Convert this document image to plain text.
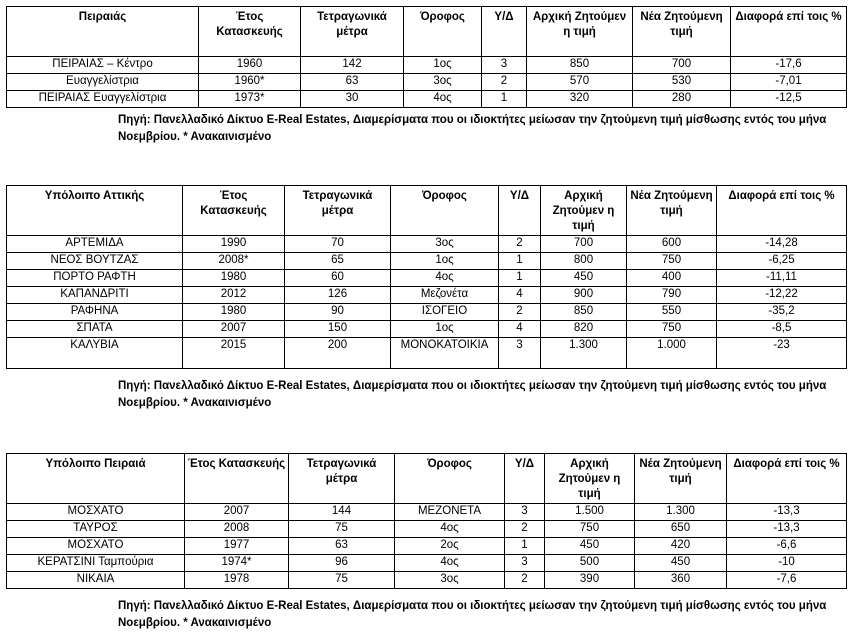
Πειραιάς	Έτος Κατασκευής	Τετραγωνικά μέτρα	Όροφος	Υ/Δ	Αρχική Ζητούμεν η τιμή	Νέα Ζητούμενη τιμή	Διαφορά επί τοις %
ΠΕΙΡΑΙΑΣ – Κέντρο	1960	142	1ος	3	850	700	-17,6
Ευαγγελίστρια	1960*	63	3ος	2	570	530	-7,01
ΠΕΙΡΑΙΑΣ Ευαγγελίστρια	1973*	30	4ος	1	320	280	-12,5
Πηγή: Πανελλαδικό Δίκτυο E-Real Estates, Διαμερίσματα που οι ιδιοκτήτες μείωσαν την ζητούμενη τιμή μίσθωσης εντός του μήνα Νοεμβρίου. * Ανακαινισμένο
Υπόλοιπο Αττικής	Έτος Κατασκευής	Τετραγωνικά μέτρα	Όροφος	Υ/Δ	Αρχική Ζητούμεν η τιμή	Νέα Ζητούμενη τιμή	Διαφορά επί τοις %
ΑΡΤΕΜΙΔΑ	1990	70	3ος	2	700	600	-14,28
ΝΕΟΣ ΒΟΥΤΖΑΣ	2008*	65	1ος	1	800	750	-6,25
ΠΟΡΤΟ ΡΑΦΤΗ	1980	60	4ος	1	450	400	-11,11
ΚΑΠΑΝΔΡΙΤΙ	2012	126	Μεζονέτα	4	900	790	-12,22
ΡΑΦΗΝΑ	1980	90	ΙΣΟΓΕΙΟ	2	850	550	-35,2
ΣΠΑΤΑ	2007	150	1ος	4	820	750	-8,5
ΚΑΛΥΒΙΑ	2015	200	ΜΟΝΟΚΑΤΟΙΚΙΑ	3	1.300	1.000	-23
Πηγή: Πανελλαδικό Δίκτυο E-Real Estates, Διαμερίσματα που οι ιδιοκτήτες μείωσαν την ζητούμενη τιμή μίσθωσης εντός του μήνα Νοεμβρίου. * Ανακαινισμένο
Υπόλοιπο Πειραιά	Έτος Κατασκευής	Τετραγωνικά μέτρα	Όροφος	Υ/Δ	Αρχική Ζητούμεν η τιμή	Νέα Ζητούμενη τιμή	Διαφορά επί τοις %
ΜΟΣΧΑΤΟ	2007	144	ΜΕΖΟΝΕΤΑ	3	1.500	1.300	-13,3
ΤΑΥΡΟΣ	2008	75	4ος	2	750	650	-13,3
ΜΟΣΧΑΤΟ	1977	63	2ος	1	450	420	-6,6
ΚΕΡΑΤΣΙΝΙ Ταμπούρια	1974*	96	4ος	3	500	450	-10
ΝΙΚΑΙΑ	1978	75	3ος	2	390	360	-7,6
Πηγή: Πανελλαδικό Δίκτυο E-Real Estates, Διαμερίσματα που οι ιδιοκτήτες μείωσαν την ζητούμενη τιμή μίσθωσης εντός του μήνα Νοεμβρίου. * Ανακαινισμένο
